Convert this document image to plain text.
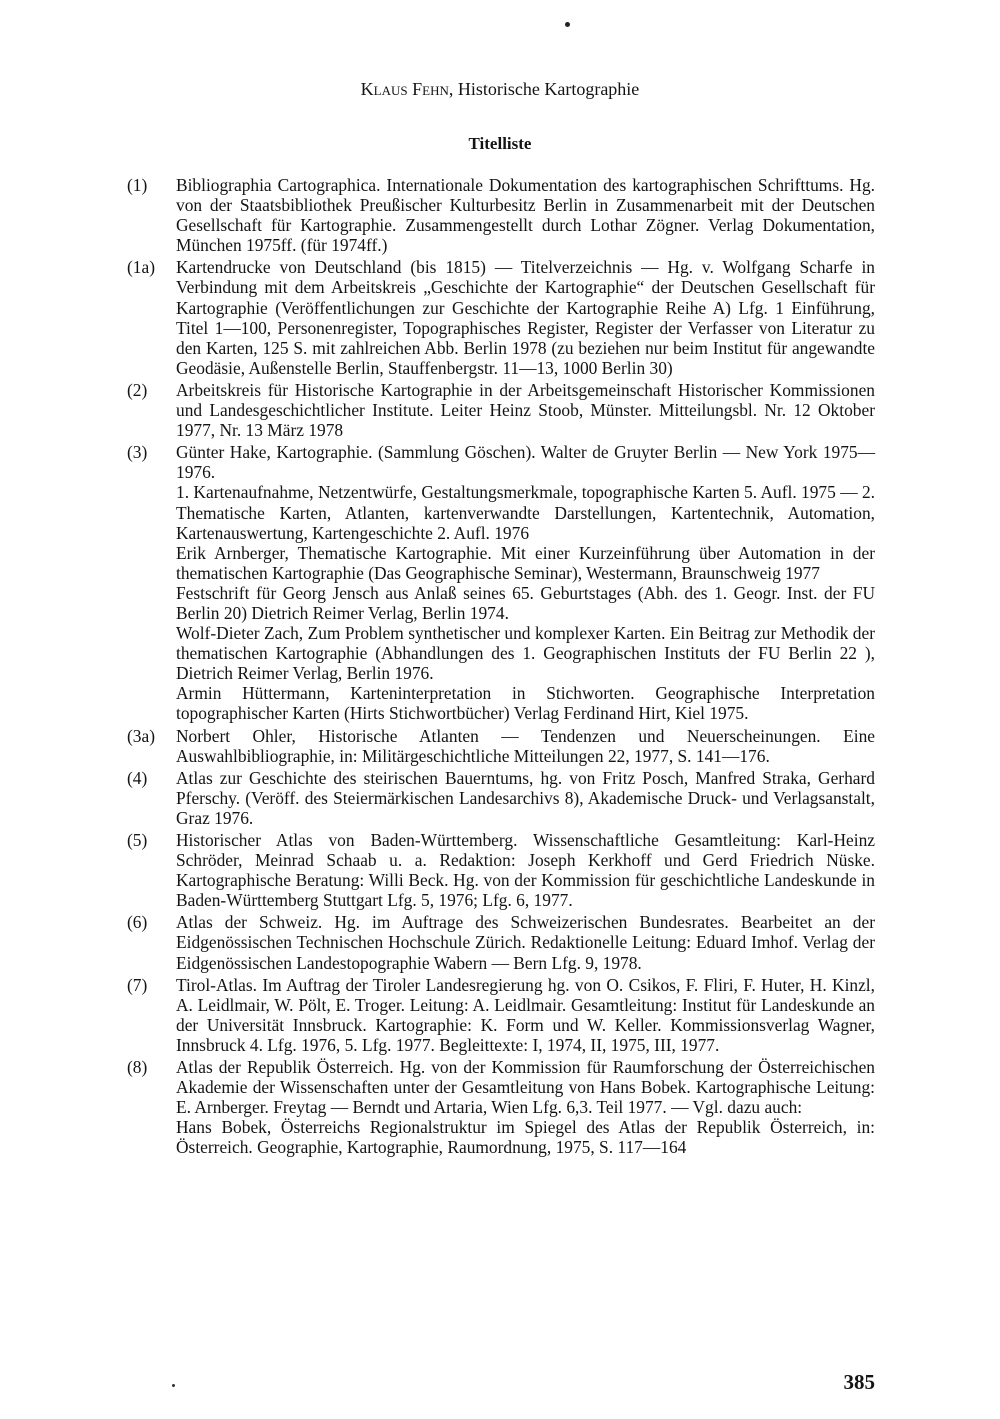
Klaus Fehn, Historische Kartographie
Titelliste
(1) Bibliographia Cartographica. Internationale Dokumentation des kartographischen Schrifttums. Hg. von der Staatsbibliothek Preußischer Kulturbesitz Berlin in Zusammenarbeit mit der Deutschen Gesellschaft für Kartographie. Zusammengestellt durch Lothar Zögner. Verlag Dokumentation, München 1975ff. (für 1974ff.)
(1a) Kartendrucke von Deutschland (bis 1815) — Titelverzeichnis — Hg. v. Wolfgang Scharfe in Verbindung mit dem Arbeitskreis „Geschichte der Kartographie“ der Deutschen Gesellschaft für Kartographie (Veröffentlichungen zur Geschichte der Kartographie Reihe A) Lfg. 1 Einführung, Titel 1—100, Personenregister, Topographisches Register, Register der Verfasser von Literatur zu den Karten, 125 S. mit zahlreichen Abb. Berlin 1978 (zu beziehen nur beim Institut für angewandte Geodäsie, Außenstelle Berlin, Stauffenbergstr. 11—13, 1000 Berlin 30)
(2) Arbeitskreis für Historische Kartographie in der Arbeitsgemeinschaft Historischer Kommissionen und Landesgeschichtlicher Institute. Leiter Heinz Stoob, Münster. Mitteilungsbl. Nr. 12 Oktober 1977, Nr. 13 März 1978
(3) Günter Hake, Kartographie. (Sammlung Göschen). Walter de Gruyter Berlin — New York 1975—1976.
1. Kartenaufnahme, Netzentwürfe, Gestaltungsmerkmale, topographische Karten 5. Aufl. 1975 — 2. Thematische Karten, Atlanten, kartenverwandte Darstellungen, Kartentechnik, Automation, Kartenauswertung, Kartengeschichte 2. Aufl. 1976
Erik Arnberger, Thematische Kartographie. Mit einer Kurzeinführung über Automation in der thematischen Kartographie (Das Geographische Seminar), Westermann, Braunschweig 1977
Festschrift für Georg Jensch aus Anlaß seines 65. Geburtstages (Abh. des 1. Geogr. Inst. der FU Berlin 20) Dietrich Reimer Verlag, Berlin 1974.
Wolf-Dieter Zach, Zum Problem synthetischer und komplexer Karten. Ein Beitrag zur Methodik der thematischen Kartographie (Abhandlungen des 1. Geographischen Instituts der FU Berlin 22 ), Dietrich Reimer Verlag, Berlin 1976.
Armin Hüttermann, Karteninterpretation in Stichworten. Geographische Interpretation topographischer Karten (Hirts Stichwortbücher) Verlag Ferdinand Hirt, Kiel 1975.
(3a) Norbert Ohler, Historische Atlanten — Tendenzen und Neuerscheinungen. Eine Auswahlbibliographie, in: Militärgeschichtliche Mitteilungen 22, 1977, S. 141—176.
(4) Atlas zur Geschichte des steirischen Bauerntums, hg. von Fritz Posch, Manfred Straka, Gerhard Pferschy. (Veröff. des Steiermärkischen Landesarchivs 8), Akademische Druck- und Verlagsanstalt, Graz 1976.
(5) Historischer Atlas von Baden-Württemberg. Wissenschaftliche Gesamtleitung: Karl-Heinz Schröder, Meinrad Schaab u. a. Redaktion: Joseph Kerkhoff und Gerd Friedrich Nüske. Kartographische Beratung: Willi Beck. Hg. von der Kommission für geschichtliche Landeskunde in Baden-Württemberg Stuttgart Lfg. 5, 1976; Lfg. 6, 1977.
(6) Atlas der Schweiz. Hg. im Auftrage des Schweizerischen Bundesrates. Bearbeitet an der Eidgenössischen Technischen Hochschule Zürich. Redaktionelle Leitung: Eduard Imhof. Verlag der Eidgenössischen Landestopographie Wabern — Bern Lfg. 9, 1978.
(7) Tirol-Atlas. Im Auftrag der Tiroler Landesregierung hg. von O. Csikos, F. Fliri, F. Huter, H. Kinzl, A. Leidlmair, W. Pölt, E. Troger. Leitung: A. Leidlmair. Gesamtleitung: Institut für Landeskunde an der Universität Innsbruck. Kartographie: K. Form und W. Keller. Kommissionsverlag Wagner, Innsbruck 4. Lfg. 1976, 5. Lfg. 1977. Begleittexte: I, 1974, II, 1975, III, 1977.
(8) Atlas der Republik Österreich. Hg. von der Kommission für Raumforschung der Österreichischen Akademie der Wissenschaften unter der Gesamtleitung von Hans Bobek. Kartographische Leitung: E. Arnberger. Freytag — Berndt und Artaria, Wien Lfg. 6,3. Teil 1977. — Vgl. dazu auch:
Hans Bobek, Österreichs Regionalstruktur im Spiegel des Atlas der Republik Österreich, in: Österreich. Geographie, Kartographie, Raumordnung, 1975, S. 117—164
385
